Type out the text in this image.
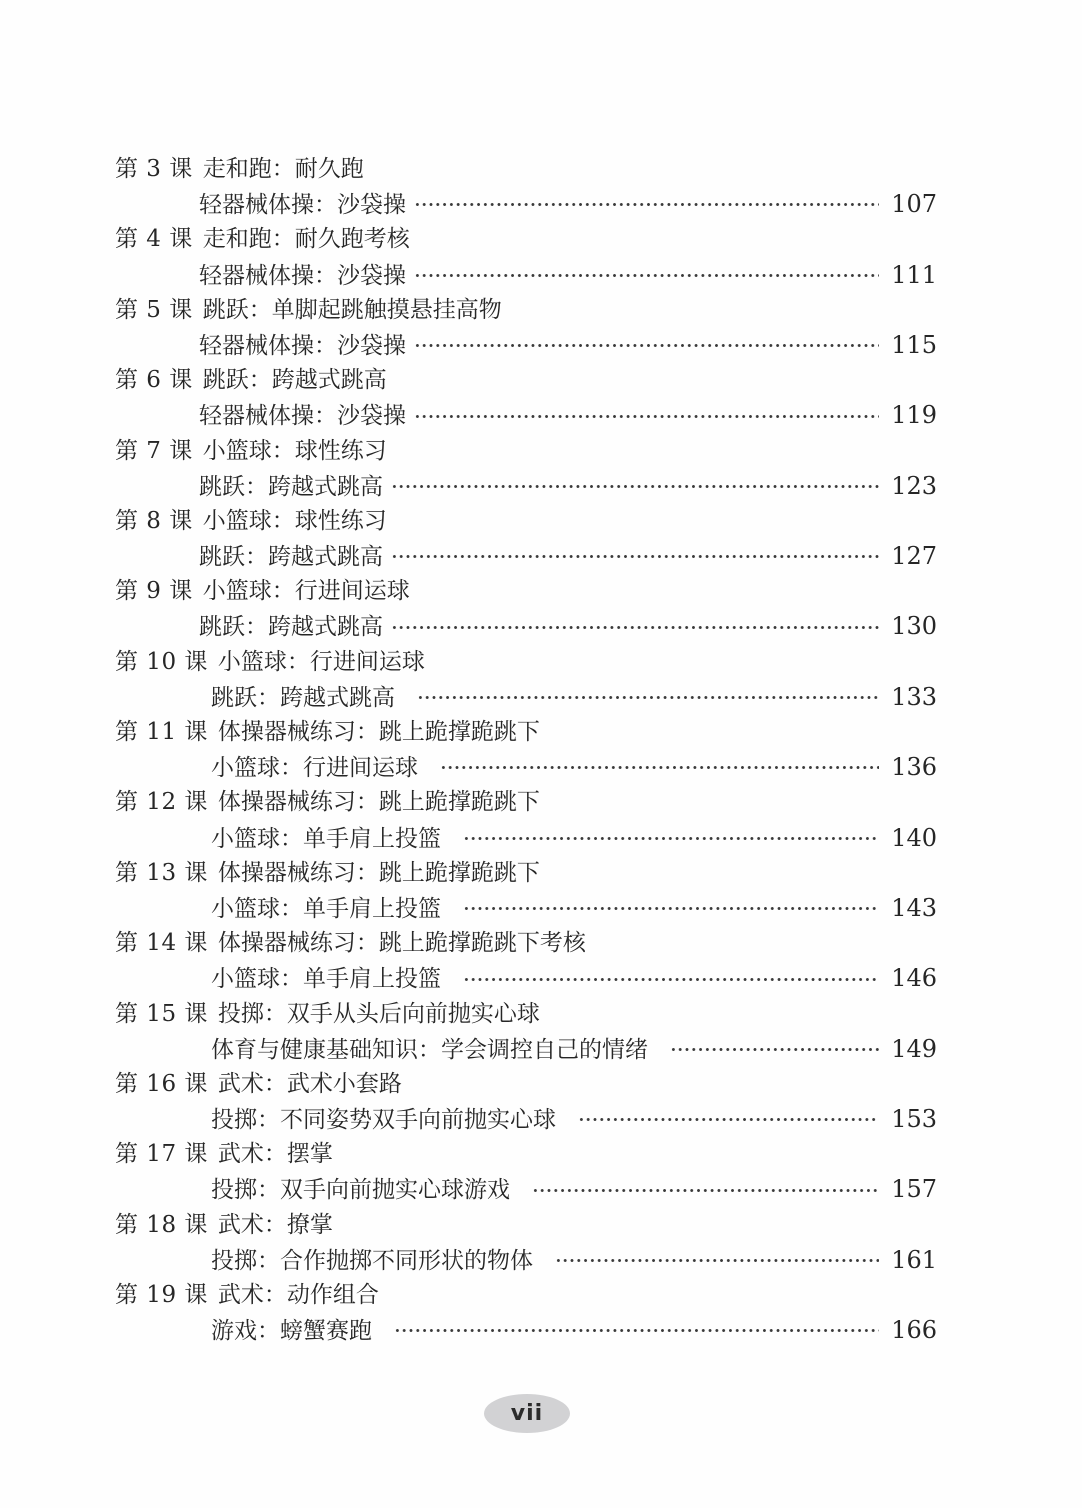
第 3 课 走和跑：耐久跑
轻器械体操：沙袋操	107
第 4 课 走和跑：耐久跑考核
轻器械体操：沙袋操	111
第 5 课 跳跃：单脚起跳触摸悬挂高物
轻器械体操：沙袋操	115
第 6 课 跳跃：跨越式跳高
轻器械体操：沙袋操	119
第 7 课 小篮球：球性练习
跳跃：跨越式跳高	123
第 8 课 小篮球：球性练习
跳跃：跨越式跳高	127
第 9 课 小篮球：行进间运球
跳跃：跨越式跳高	130
第 10 课 小篮球：行进间运球
跳跃：跨越式跳高	133
第 11 课 体操器械练习：跳上跪撑跪跳下
小篮球：行进间运球	136
第 12 课 体操器械练习：跳上跪撑跪跳下
小篮球：单手肩上投篮	140
第 13 课 体操器械练习：跳上跪撑跪跳下
小篮球：单手肩上投篮	143
第 14 课 体操器械练习：跳上跪撑跪跳下考核
小篮球：单手肩上投篮	146
第 15 课 投掷：双手从头后向前抛实心球
体育与健康基础知识：学会调控自己的情绪	149
第 16 课 武术：武术小套路
投掷：不同姿势双手向前抛实心球	153
第 17 课 武术：摆掌
投掷：双手向前抛实心球游戏	157
第 18 课 武术：撩掌
投掷：合作抛掷不同形状的物体	161
第 19 课 武术：动作组合
游戏：螃蟹赛跑	166
vii
